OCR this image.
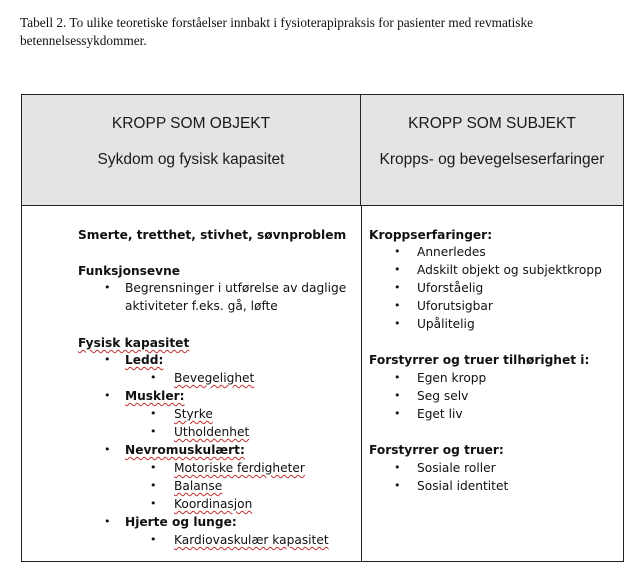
Tabell 2. To ulike teoretiske forståelser innbakt i fysioterapipraksis for pasienter med revmatiske
betennelsessykdommer.
KROPP SOM OBJEKT
Sykdom og fysisk kapasitet
KROPP SOM SUBJEKT
Kropps- og bevegelseserfaringer
Smerte, tretthet, stivhet, søvnproblem
Funksjonsevne
• Begrensninger i utførelse av daglige
aktiviteter f.eks. gå, løfte
Fysisk kapasitet
• Ledd:
• Bevegelighet
• Muskler:
• Styrke
• Utholdenhet
• Nevromuskulært:
• Motoriske ferdigheter
• Balanse
• Koordinasjon
• Hjerte og lunge:
• Kardiovaskulær kapasitet
Kroppserfaringer:
• Annerledes
• Adskilt objekt og subjektkropp
• Uforståelig
• Uforutsigbar
• Upålitelig
Forstyrrer og truer tilhørighet i:
• Egen kropp
• Seg selv
• Eget liv
Forstyrrer og truer:
• Sosiale roller
• Sosial identitet
